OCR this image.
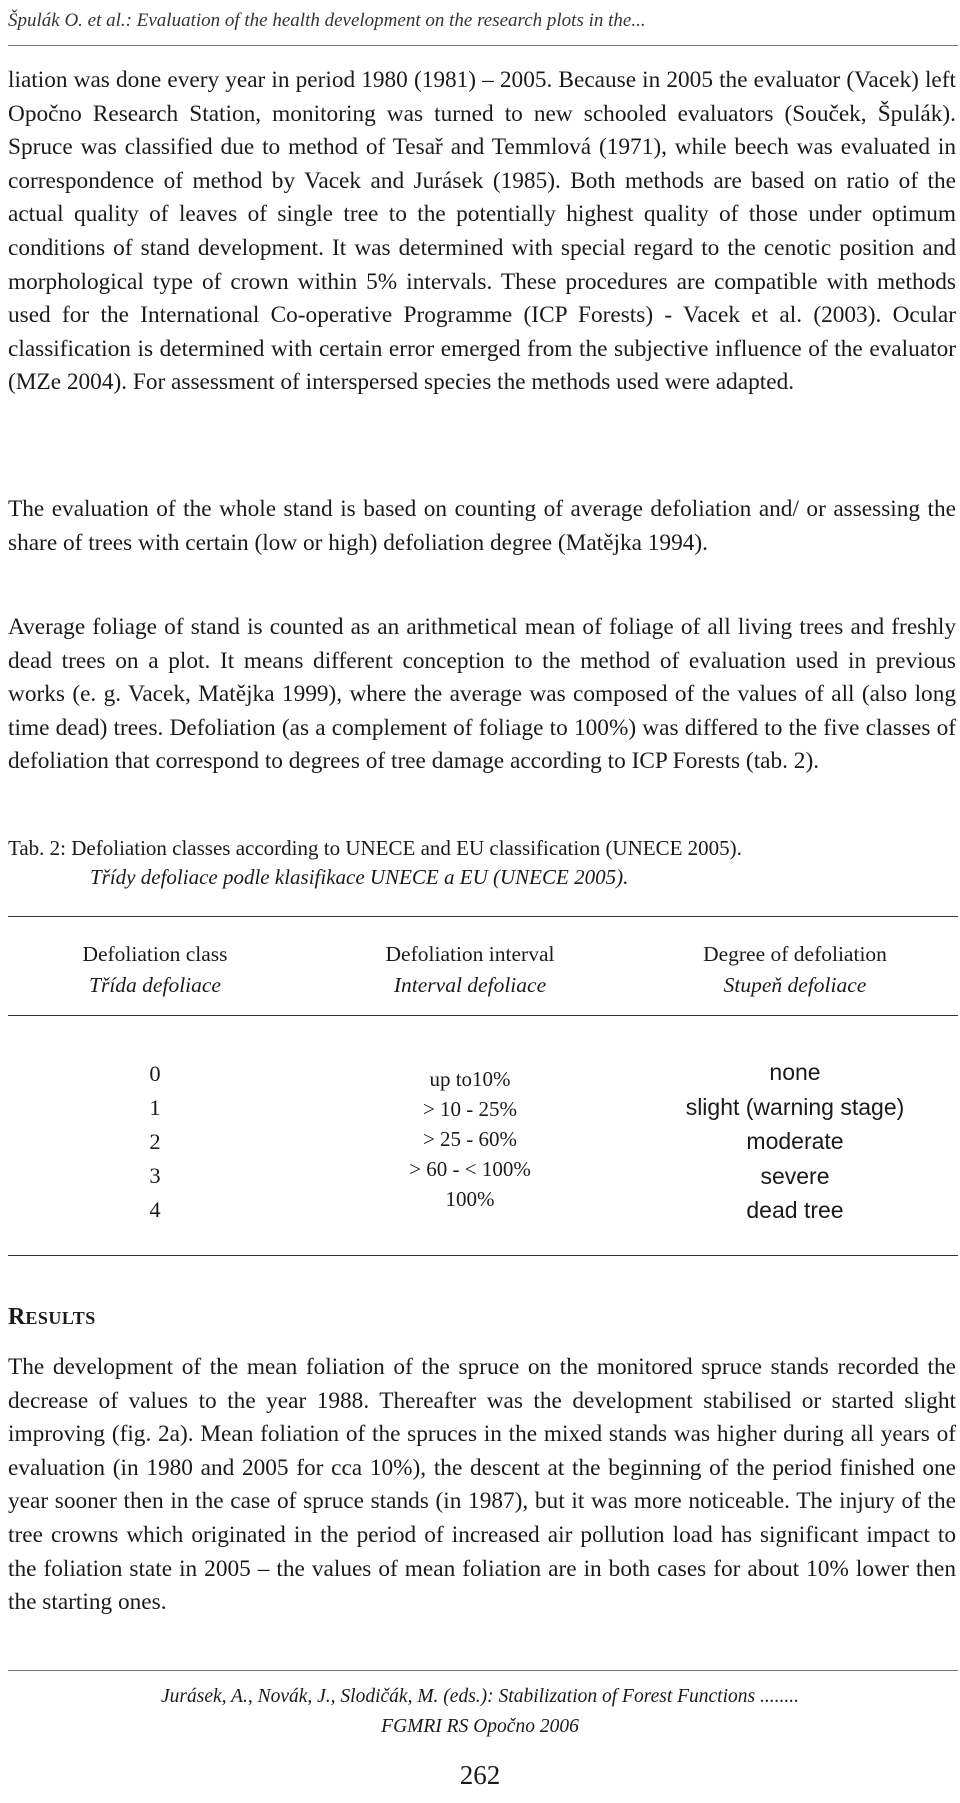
Špulák O. et al.: Evaluation of the health development on the research plots in the...

liation was done every year in period 1980 (1981) – 2005. Because in 2005 the evaluator (Vacek) left Opočno Research Station, monitoring was turned to new schooled evaluators (Souček, Špulák). Spruce was classified due to method of Tesař and Temmlová (1971), while beech was evaluated in correspondence of method by Vacek and Jurásek (1985). Both methods are based on ratio of the actual quality of leaves of single tree to the potentially highest quality of those under optimum conditions of stand development. It was determined with special regard to the cenotic position and morphological type of crown within 5% intervals. These procedures are compatible with methods used for the International Co-operative Programme (ICP Forests) - Vacek et al. (2003). Ocular classification is determined with certain error emerged from the subjective influence of the evaluator (MZe 2004). For assessment of interspersed species the methods used were adapted.

The evaluation of the whole stand is based on counting of average defoliation and/ or assessing the share of trees with certain (low or high) defoliation degree (Matějka 1994).

Average foliage of stand is counted as an arithmetical mean of foliage of all living trees and freshly dead trees on a plot. It means different conception to the method of evaluation used in previous works (e. g. Vacek, Matějka 1999), where the average was composed of the values of all (also long time dead) trees. Defoliation (as a complement of foliage to 100%) was differed to the five classes of defoliation that correspond to degrees of tree damage according to ICP Forests (tab. 2).

Tab. 2: Defoliation classes according to UNECE and EU classification (UNECE 2005).
Třídy defoliace podle klasifikace UNECE a EU (UNECE 2005).
Defoliation class
Třída defoliace
Defoliation interval
Interval defoliace
Degree of defoliation
Stupeň defoliace
0
1
2
3
4
up to10%
> 10 - 25%
> 25 - 60%
> 60 - < 100%
100%
none
slight (warning stage)
moderate
severe
dead tree
RESULTS

The development of the mean foliation of the spruce on the monitored spruce stands recorded the decrease of values to the year 1988. Thereafter was the development stabilised or started slight improving (fig. 2a). Mean foliation of the spruces in the mixed stands was higher during all years of evaluation (in 1980 and 2005 for cca 10%), the descent at the beginning of the period finished one year sooner then in the case of spruce stands (in 1987), but it was more noticeable. The injury of the tree crowns which originated in the period of increased air pollution load has significant impact to the foliation state in 2005 – the values of mean foliation are in both cases for about 10% lower then the starting ones.

Jurásek, A., Novák, J., Slodičák, M. (eds.): Stabilization of Forest Functions ........
FGMRI RS Opočno 2006
262
